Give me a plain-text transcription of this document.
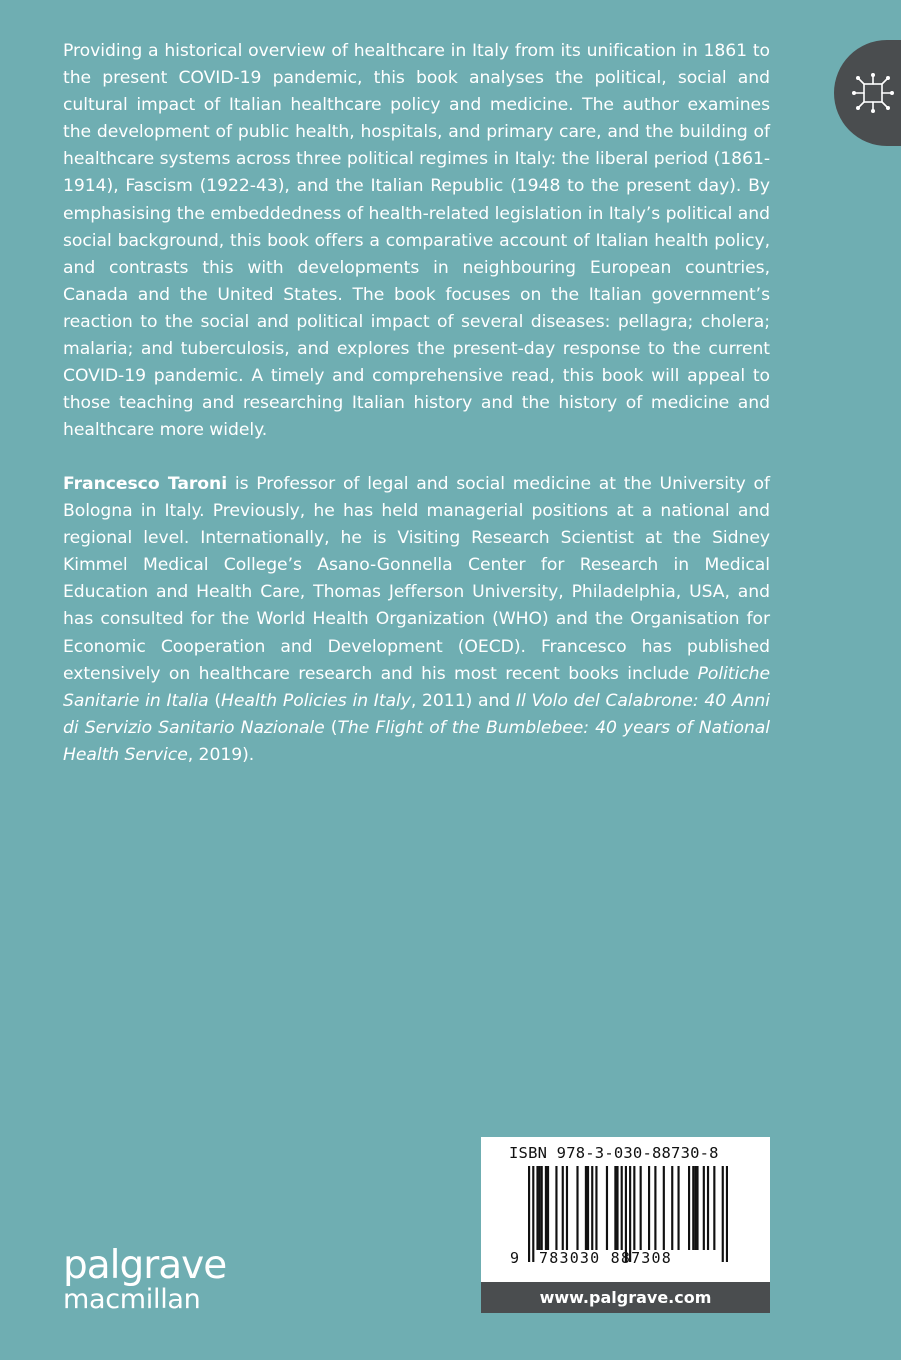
Providing a historical overview of healthcare in Italy from its unification in 1861 to the present COVID-19 pandemic, this book analyses the political, social and cultural impact of Italian healthcare policy and medicine. The author examines the development of public health, hospitals, and primary care, and the building of healthcare systems across three political regimes in Italy: the liberal period (1861-1914), Fascism (1922-43), and the Italian Republic (1948 to the present day). By emphasising the embeddedness of health-related legislation in Italy’s political and social background, this book offers a comparative account of Italian health policy, and contrasts this with developments in neighbouring European countries, Canada and the United States. The book focuses on the Italian government’s reaction to the social and political impact of several diseases: pellagra; cholera; malaria; and tuberculosis, and explores the present-day response to the current COVID-19 pandemic. A timely and comprehensive read, this book will appeal to those teaching and researching Italian history and the history of medicine and healthcare more widely.

Francesco Taroni is Professor of legal and social medicine at the University of Bologna in Italy. Previously, he has held managerial positions at a national and regional level. Internationally, he is Visiting Research Scientist at the Sidney Kimmel Medical College’s Asano-Gonnella Center for Research in Medical Education and Health Care, Thomas Jefferson University, Philadelphia, USA, and has consulted for the World Health Organization (WHO) and the Organisation for Economic Cooperation and Development (OECD). Francesco has published extensively on healthcare research and his most recent books include Politiche Sanitarie in Italia (Health Policies in Italy, 2011) and Il Volo del Calabrone: 40 Anni di Servizio Sanitario Nazionale (The Flight of the Bumblebee: 40 years of National Health Service, 2019).

palgrave
macmillan
ISBN 978-3-030-88730-8
9 783030 887308
www.palgrave.com
